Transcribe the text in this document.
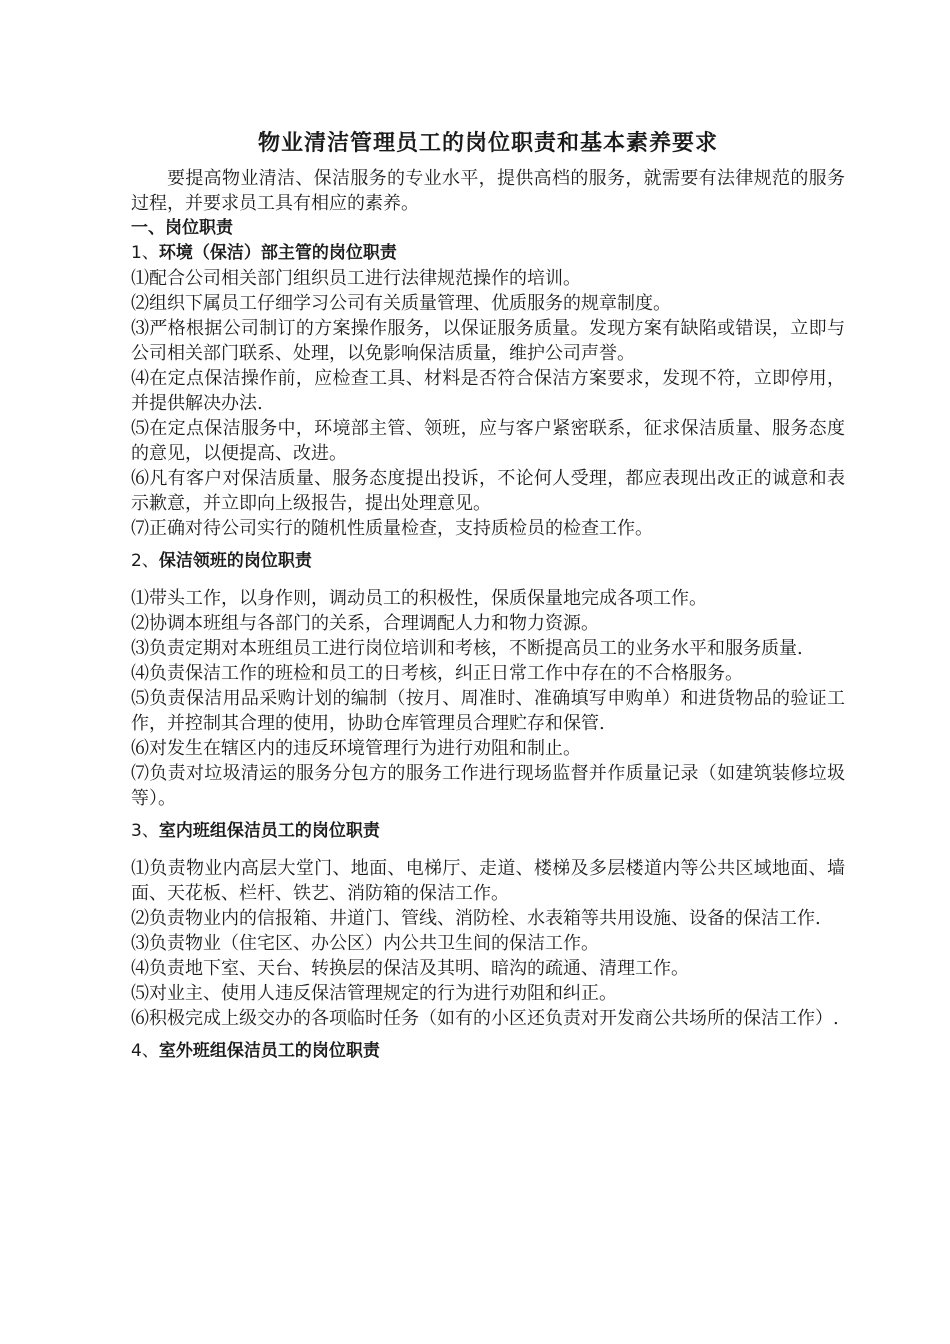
物业清洁管理员工的岗位职责和基本素养要求

要提高物业清洁、保洁服务的专业水平，提供高档的服务，就需要有法律规范的服务过程，并要求员工具有相应的素养。

一、岗位职责

1、环境（保洁）部主管的岗位职责

⑴配合公司相关部门组织员工进行法律规范操作的培训。

⑵组织下属员工仔细学习公司有关质量管理、优质服务的规章制度。

⑶严格根据公司制订的方案操作服务，以保证服务质量。发现方案有缺陷或错误，立即与公司相关部门联系、处理，以免影响保洁质量，维护公司声誉。

⑷在定点保洁操作前，应检查工具、材料是否符合保洁方案要求，发现不符，立即停用，并提供解决办法.

⑸在定点保洁服务中，环境部主管、领班，应与客户紧密联系，征求保洁质量、服务态度的意见，以便提高、改进。

⑹凡有客户对保洁质量、服务态度提出投诉，不论何人受理，都应表现出改正的诚意和表示歉意，并立即向上级报告，提出处理意见。

⑺正确对待公司实行的随机性质量检查，支持质检员的检查工作。

2、保洁领班的岗位职责

⑴带头工作，以身作则，调动员工的积极性，保质保量地完成各项工作。

⑵协调本班组与各部门的关系，合理调配人力和物力资源。

⑶负责定期对本班组员工进行岗位培训和考核，不断提高员工的业务水平和服务质量.

⑷负责保洁工作的班检和员工的日考核，纠正日常工作中存在的不合格服务。

⑸负责保洁用品采购计划的编制（按月、周准时、准确填写申购单）和进货物品的验证工作，并控制其合理的使用，协助仓库管理员合理贮存和保管.

⑹对发生在辖区内的违反环境管理行为进行劝阻和制止。

⑺负责对垃圾清运的服务分包方的服务工作进行现场监督并作质量记录（如建筑装修垃圾等）。

3、室内班组保洁员工的岗位职责

⑴负责物业内高层大堂门、地面、电梯厅、走道、楼梯及多层楼道内等公共区域地面、墙面、天花板、栏杆、铁艺、消防箱的保洁工作。

⑵负责物业内的信报箱、井道门、管线、消防栓、水表箱等共用设施、设备的保洁工作.

⑶负责物业（住宅区、办公区）内公共卫生间的保洁工作。

⑷负责地下室、天台、转换层的保洁及其明、暗沟的疏通、清理工作。

⑸对业主、使用人违反保洁管理规定的行为进行劝阻和纠正。

⑹积极完成上级交办的各项临时任务（如有的小区还负责对开发商公共场所的保洁工作）.

4、室外班组保洁员工的岗位职责
